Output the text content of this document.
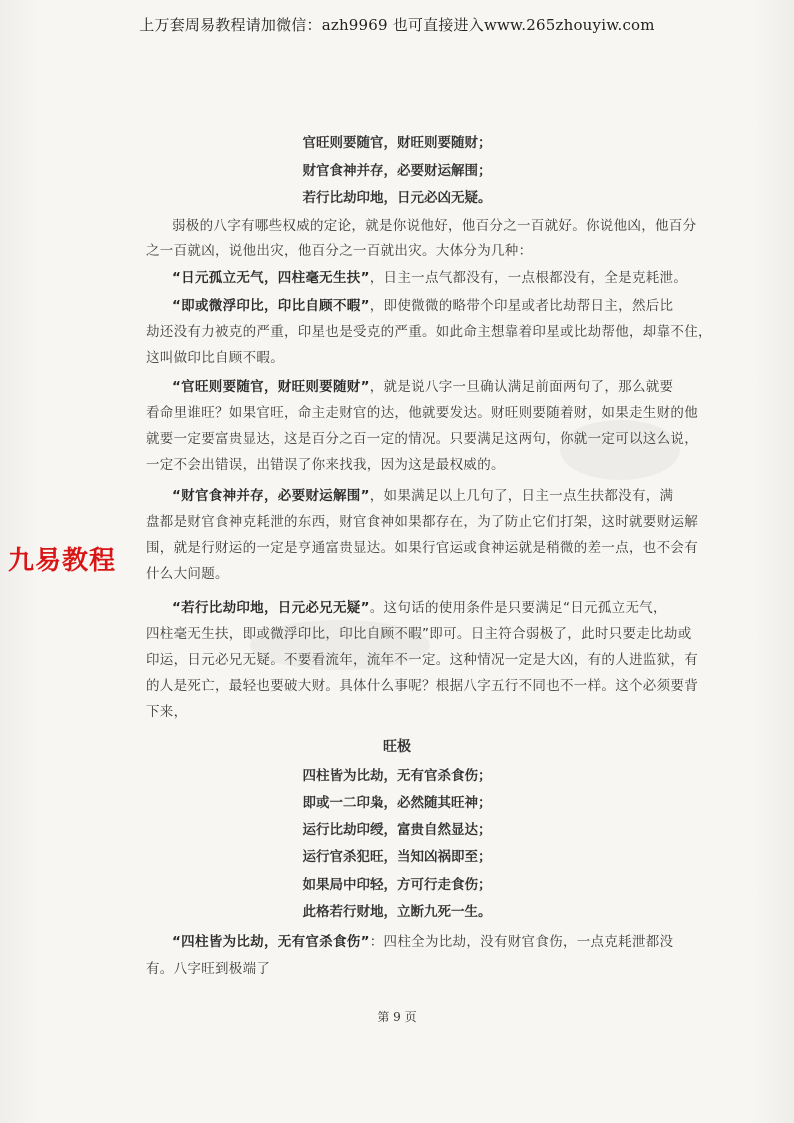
上万套周易教程请加微信：azh9969 也可直接进入www.265zhouyiw.com
官旺则要随官，财旺则要随财；
财官食神并存，必要财运解围；
若行比劫印地，日元必凶无疑。
弱极的八字有哪些权威的定论，就是你说他好，他百分之一百就好。你说他凶，他百分
之一百就凶，说他出灾，他百分之一百就出灾。大体分为几种：
“日元孤立无气，四柱毫无生扶”，日主一点气都没有，一点根都没有，全是克耗泄。
“即或微浮印比，印比自顾不暇”，即使微微的略带个印星或者比劫帮日主，然后比
劫还没有力被克的严重，印星也是受克的严重。如此命主想靠着印星或比劫帮他，却靠不住，
这叫做印比自顾不暇。
“官旺则要随官，财旺则要随财”，就是说八字一旦确认满足前面两句了，那么就要
看命里谁旺？如果官旺，命主走财官的达，他就要发达。财旺则要随着财，如果走生财的他
就要一定要富贵显达，这是百分之百一定的情况。只要满足这两句，你就一定可以这么说，
一定不会出错误，出错误了你来找我，因为这是最权威的。
“财官食神并存，必要财运解围”，如果满足以上几句了，日主一点生扶都没有，满
盘都是财官食神克耗泄的东西，财官食神如果都存在，为了防止它们打架，这时就要财运解
围，就是行财运的一定是亨通富贵显达。如果行官运或食神运就是稍微的差一点，也不会有
什么大问题。
“若行比劫印地，日元必兄无疑”。这句话的使用条件是只要满足“日元孤立无气，
四柱毫无生扶，即或微浮印比，印比自顾不暇”即可。日主符合弱极了，此时只要走比劫或
印运，日元必兄无疑。不要看流年，流年不一定。这种情况一定是大凶，有的人进监狱，有
的人是死亡，最轻也要破大财。具体什么事呢？根据八字五行不同也不一样。这个必须要背
下来，
九易教程
旺极
四柱皆为比劫，无有官杀食伤；
即或一二印枭，必然随其旺神；
运行比劫印绶，富贵自然显达；
运行官杀犯旺，当知凶祸即至；
如果局中印轻，方可行走食伤；
此格若行财地，立断九死一生。
“四柱皆为比劫，无有官杀食伤”：四柱全为比劫，没有财官食伤，一点克耗泄都没
有。八字旺到极端了
第 9 页
